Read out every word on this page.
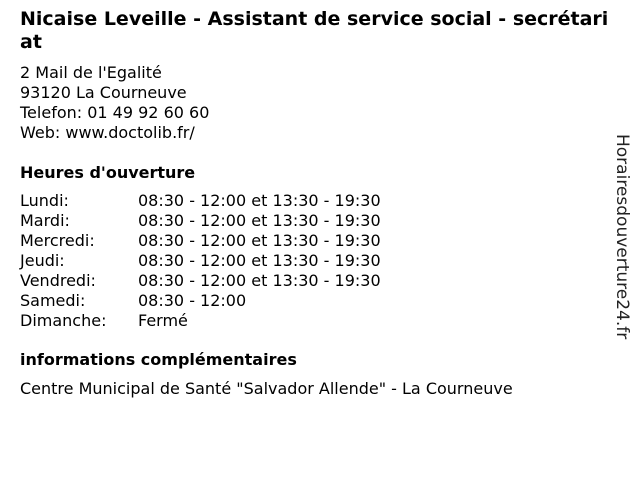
Nicaise Leveille - Assistant de service social - secrétariat
2 Mail de l'Egalité
93120 La Courneuve
Telefon: 01 49 92 60 60
Web: www.doctolib.fr/
Heures d'ouverture
Lundi:	08:30 - 12:00 et 13:30 - 19:30
Mardi:	08:30 - 12:00 et 13:30 - 19:30
Mercredi:	08:30 - 12:00 et 13:30 - 19:30
Jeudi:	08:30 - 12:00 et 13:30 - 19:30
Vendredi:	08:30 - 12:00 et 13:30 - 19:30
Samedi:	08:30 - 12:00
Dimanche:	Fermé
informations complémentaires
Centre Municipal de Santé "Salvador Allende" - La Courneuve
Horairesdouverture24.fr
